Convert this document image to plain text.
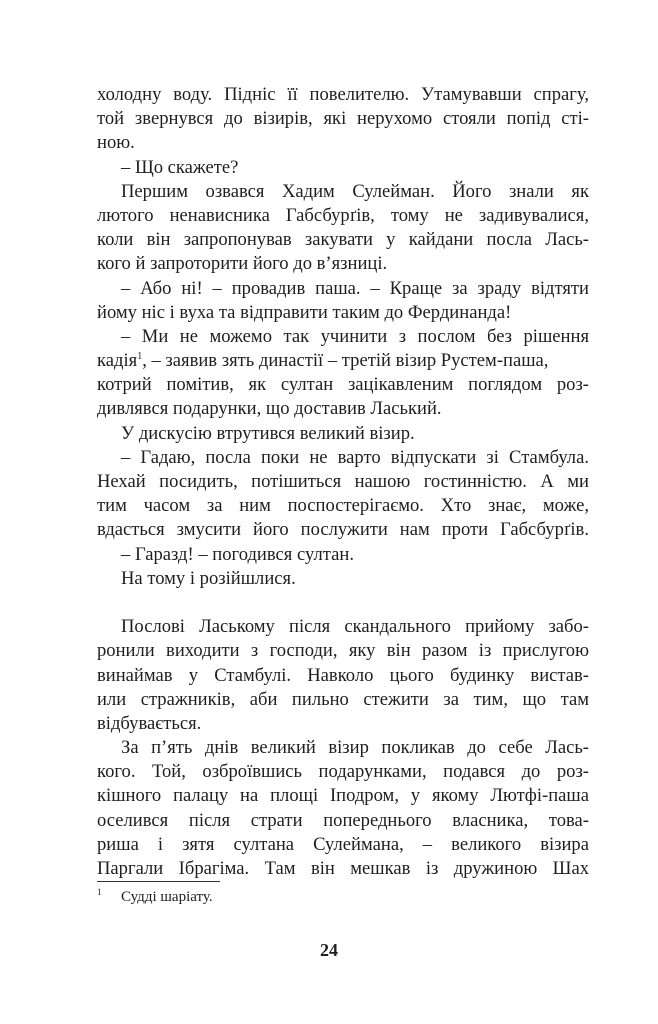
холодну воду. Підніс її повелителю. Утамувавши спрагу,
той звернувся до візирів, які нерухомо стояли попід сті-
ною.
– Що скажете?
Першим озвався Хадим Сулейман. Його знали як
лютого ненависника Габсбурґів, тому не задивувалися,
коли він запропонував закувати у кайдани посла Лась-
кого й запроторити його до в’язниці.
– Або ні! – провадив паша. – Краще за зраду відтяти
йому ніс і вуха та відправити таким до Фердинанда!
– Ми не можемо так учинити з послом без рішення
кадія$^1$, – заявив зять династії – третій візир Рустем-паша,
котрий помітив, як султан зацікавленим поглядом роз-
дивлявся подарунки, що доставив Ласький.
У дискусію втрутився великий візир.
– Гадаю, посла поки не варто відпускати зі Стамбула.
Нехай посидить, потішиться нашою гостинністю. А ми
тим часом за ним поспостерігаємо. Хто знає, може,
вдасться змусити його послужити нам проти Габсбурґів.
– Гаразд! – погодився султан.
На тому і розійшлися.
Послові Лаському після скандального прийому забо-
ронили виходити з господи, яку він разом із прислугою
винаймав у Стамбулі. Навколо цього будинку вистав-
или стражників, аби пильно стежити за тим, що там
відбувається.
За п’ять днів великий візир покликав до себе Лась-
кого. Той, озброївшись подарунками, подався до роз-
кішного палацу на площі Іподром, у якому Лютфі-паша
оселився після страти попереднього власника, това-
риша і зятя султана Сулеймана, – великого візира
Паргали Ібрагіма. Там він мешкав із дружиною Шах
1 Судді шаріату.
24
